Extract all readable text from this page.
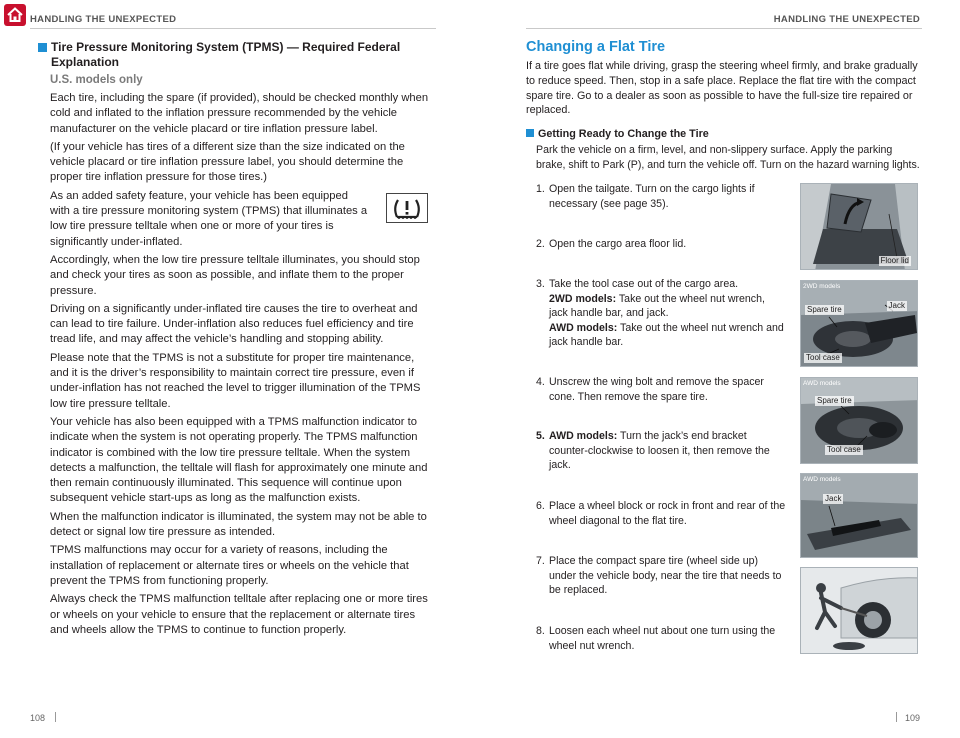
HANDLING THE UNEXPECTED	HANDLING THE UNEXPECTED
Tire Pressure Monitoring System (TPMS) — Required Federal Explanation
U.S. models only
Each tire, including the spare (if provided), should be checked monthly when cold and inflated to the inflation pressure recommended by the vehicle manufacturer on the vehicle placard or tire inflation pressure label.
(If your vehicle has tires of a different size than the size indicated on the vehicle placard or tire inflation pressure label, you should determine the proper tire inflation pressure for those tires.)
As an added safety feature, your vehicle has been equipped with a tire pressure monitoring system (TPMS) that illuminates a low tire pressure telltale when one or more of your tires is significantly under-inflated.
Accordingly, when the low tire pressure telltale illuminates, you should stop and check your tires as soon as possible, and inflate them to the proper pressure.
Driving on a significantly under-inflated tire causes the tire to overheat and can lead to tire failure. Under-inflation also reduces fuel efficiency and tire tread life, and may affect the vehicle’s handling and stopping ability.
Please note that the TPMS is not a substitute for proper tire maintenance, and it is the driver’s responsibility to maintain correct tire pressure, even if under-inflation has not reached the level to trigger illumination of the TPMS low tire pressure telltale.
Your vehicle has also been equipped with a TPMS malfunction indicator to indicate when the system is not operating properly. The TPMS malfunction indicator is combined with the low tire pressure telltale. When the system detects a malfunction, the telltale will flash for approximately one minute and then remain continuously illuminated. This sequence will continue upon subsequent vehicle start-ups as long as the malfunction exists.
When the malfunction indicator is illuminated, the system may not be able to detect or signal low tire pressure as intended.
TPMS malfunctions may occur for a variety of reasons, including the installation of replacement or alternate tires or wheels on the vehicle that prevent the TPMS from functioning properly.
Always check the TPMS malfunction telltale after replacing one or more tires or wheels on your vehicle to ensure that the replacement or alternate tires and wheels allow the TPMS to continue to function properly.
108
Changing a Flat Tire
If a tire goes flat while driving, grasp the steering wheel firmly, and brake gradually to reduce speed. Then, stop in a safe place. Replace the flat tire with the compact spare tire. Go to a dealer as soon as possible to have the full-size tire repaired or replaced.
Getting Ready to Change the Tire
Park the vehicle on a firm, level, and non-slippery surface. Apply the parking brake, shift to Park (P), and turn the vehicle off. Turn on the hazard warning lights.
1. Open the tailgate. Turn on the cargo lights if necessary (see page 35).
2. Open the cargo area floor lid.
3. Take the tool case out of the cargo area.
2WD models: Take out the wheel nut wrench, jack handle bar, and jack.
AWD models: Take out the wheel nut wrench and jack handle bar.
4. Unscrew the wing bolt and remove the spacer cone. Then remove the spare tire.
5. AWD models: Turn the jack’s end bracket counter-clockwise to loosen it, then remove the jack.
6. Place a wheel block or rock in front and rear of the wheel diagonal to the flat tire.
7. Place the compact spare tire (wheel side up) under the vehicle body, near the tire that needs to be replaced.
8. Loosen each wheel nut about one turn using the wheel nut wrench.
Floor lid
2WD models
Spare tire	Jack
Tool case
AWD models
Spare tire
Tool case
AWD models
Jack
109
